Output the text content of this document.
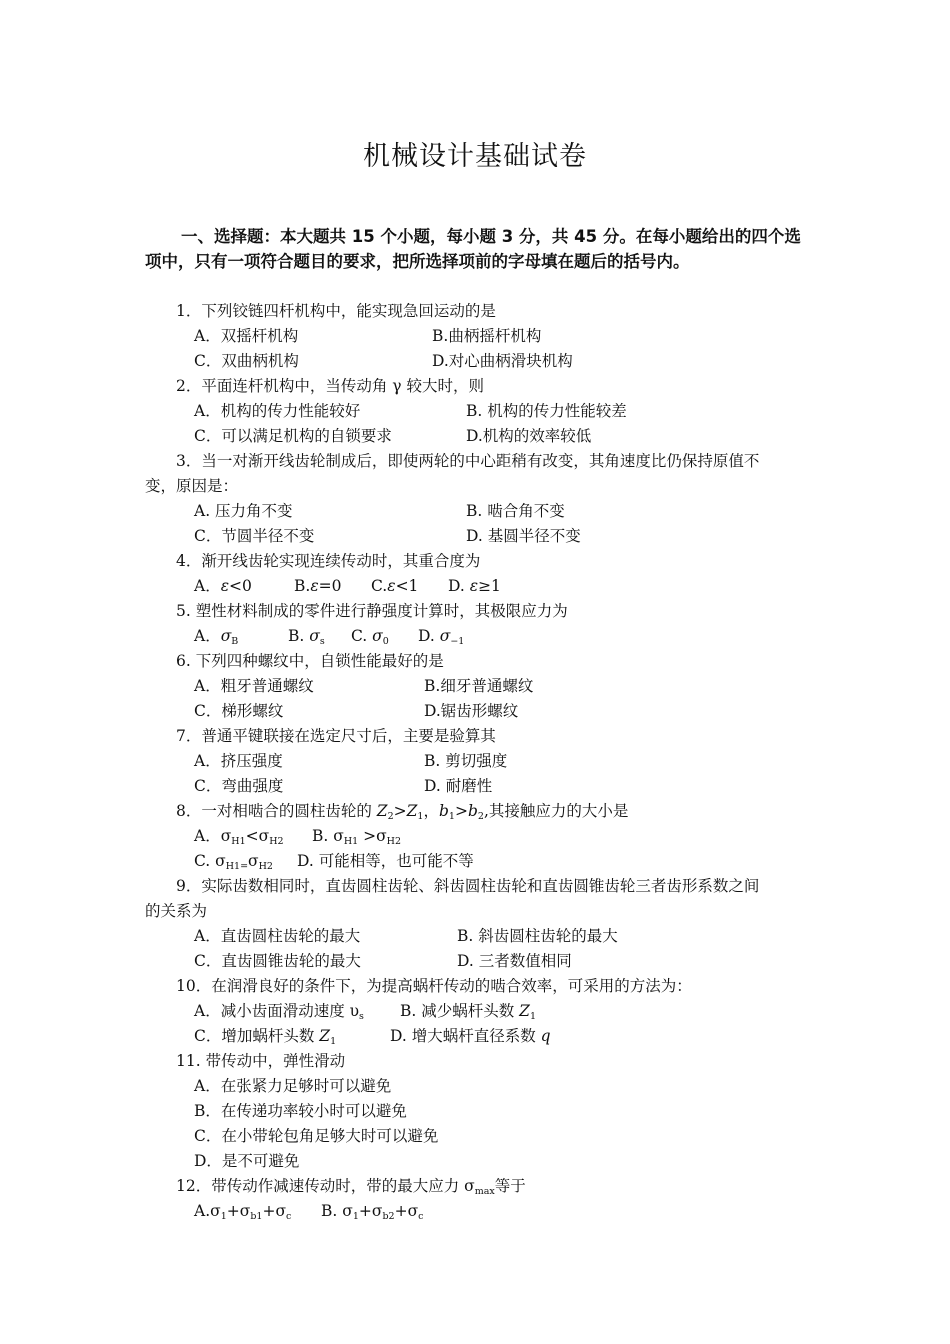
机械设计基础试卷
一、选择题：本大题共 15 个小题，每小题 3 分，共 45 分。在每小题给出的四个选项中，只有一项符合题目的要求，把所选择项前的字母填在题后的括号内。
1．下列铰链四杆机构中，能实现急回运动的是
A．双摇杆机构	B.曲柄摇杆机构
C．双曲柄机构	D.对心曲柄滑块机构
2．平面连杆机构中，当传动角 γ 较大时，则
A．机构的传力性能较好	B. 机构的传力性能较差
C．可以满足机构的自锁要求	D.机构的效率较低
3．当一对渐开线齿轮制成后，即使两轮的中心距稍有改变，其角速度比仍保持原值不
变，原因是：
A. 压力角不变	B. 啮合角不变
C．节圆半径不变	D. 基圆半径不变
4．渐开线齿轮实现连续传动时，其重合度为
A．ε<0	B.ε=0 C.ε<1 D. ε≥1
5. 塑性材料制成的零件进行静强度计算时，其极限应力为
A．$\sigma_B$	B. $\sigma_s$ C. $\sigma_0$ D. $\sigma_{-1}$
6. 下列四种螺纹中，自锁性能最好的是
A．粗牙普通螺纹	B.细牙普通螺纹
C．梯形螺纹	D.锯齿形螺纹
7．普通平键联接在选定尺寸后，主要是验算其
A．挤压强度	B. 剪切强度
C．弯曲强度	D. 耐磨性
8．一对相啮合的圆柱齿轮的 $Z_2>Z_1$，$b_1>b_2$,其接触应力的大小是
A．$\sigma_{H1}<\sigma_{H2}$ B. $\sigma_{H1} >\sigma_{H2}$
C. $\sigma_{H1=}\sigma_{H2}$ D. 可能相等，也可能不等
9．实际齿数相同时，直齿圆柱齿轮、斜齿圆柱齿轮和直齿圆锥齿轮三者齿形系数之间
的关系为
A．直齿圆柱齿轮的最大	B. 斜齿圆柱齿轮的最大
C．直齿圆锥齿轮的最大	D. 三者数值相同
10．在润滑良好的条件下，为提高蜗杆传动的啮合效率，可采用的方法为：
A．减小齿面滑动速度 $\upsilon_s$ B. 减少蜗杆头数 $Z_1$
C．增加蜗杆头数 $Z_1$	D. 增大蜗杆直径系数 q
11. 带传动中，弹性滑动
A．在张紧力足够时可以避免
B．在传递功率较小时可以避免
C．在小带轮包角足够大时可以避免
D．是不可避免
12．带传动作减速传动时，带的最大应力 $\sigma_{max}$等于
$A.\sigma_1+\sigma_{b1}+\sigma_c$ B. $\sigma_1+\sigma_{b2}+\sigma_c$
